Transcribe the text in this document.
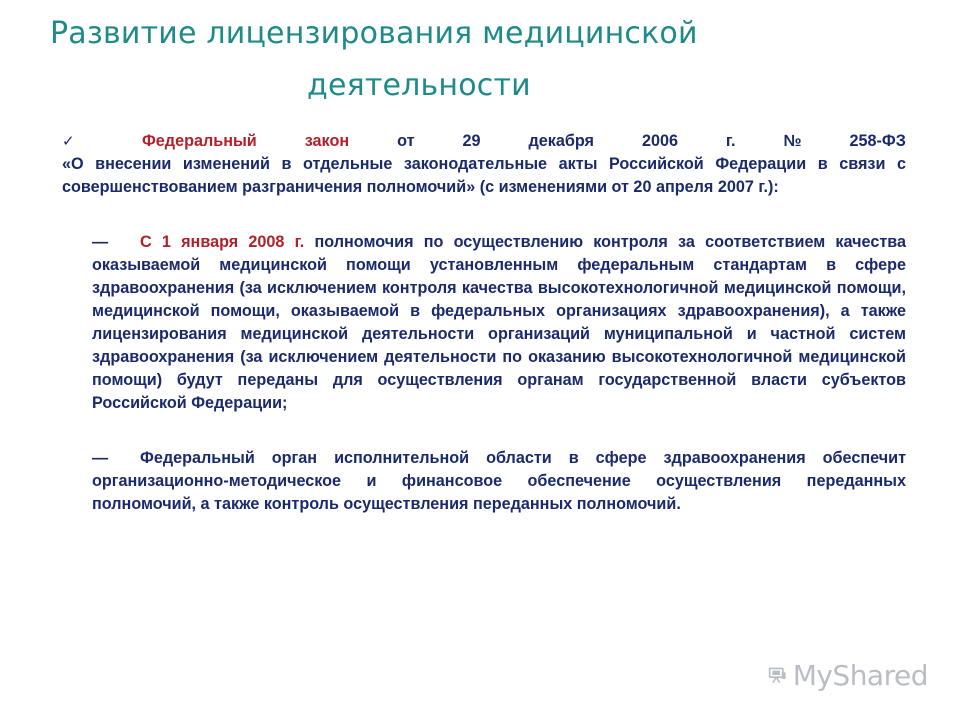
Развитие лицензирования медицинской
деятельности

✓	Федеральный	закон	от	29	декабря	2006	г.	№	258-ФЗ
«О внесении изменений в отдельные законодательные акты Российской Федерации в связи с совершенствованием разграничения полномочий» (с изменениями от 20 апреля 2007 г.):

— С 1 января 2008 г. полномочия по осуществлению контроля за соответствием качества оказываемой медицинской помощи установленным федеральным стандартам в сфере здравоохранения (за исключением контроля качества высокотехнологичной медицинской помощи, медицинской помощи, оказываемой в федеральных организациях здравоохранения), а также лицензирования медицинской деятельности организаций муниципальной и частной систем здравоохранения (за исключением деятельности по оказанию высокотехнологичной медицинской помощи) будут переданы для осуществления органам государственной власти субъектов Российской Федерации;

— Федеральный орган исполнительной области в сфере здравоохранения обеспечит организационно-методическое и финансовое обеспечение осуществления переданных полномочий, а также контроль осуществления переданных полномочий.

MyShared
